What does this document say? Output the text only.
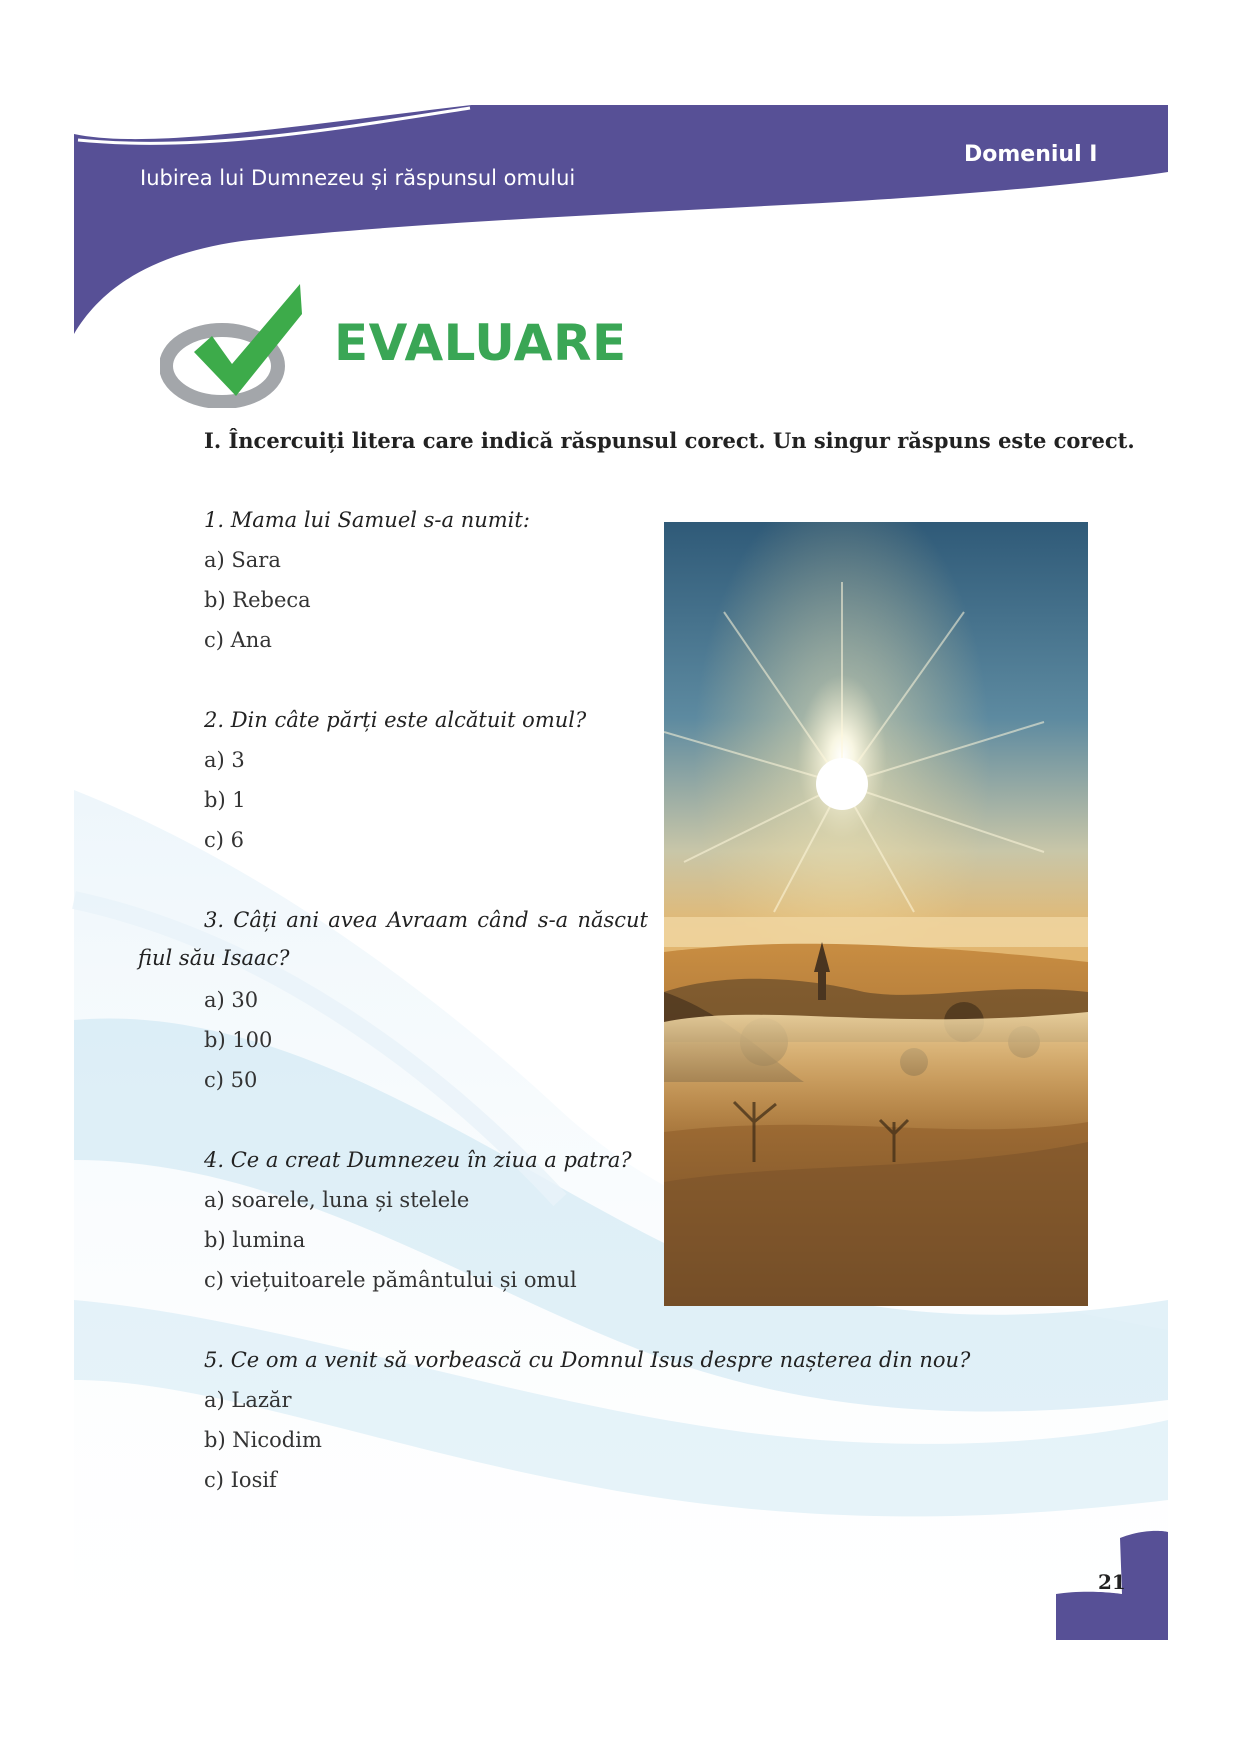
Iubirea lui Dumnezeu și răspunsul omului
Domeniul I
EVALUARE
I. Încercuiți litera care indică răspunsul corect. Un singur răspuns este corect.
1. Mama lui Samuel s-a numit:
a) Sara
b) Rebeca
c) Ana
2. Din câte părți este alcătuit omul?
a) 3
b) 1
c) 6
3. Câți ani avea Avraam când s-a născut
fiul său Isaac?
a) 30
b) 100
c) 50
4. Ce a creat Dumnezeu în ziua a patra?
a) soarele, luna și stelele
b) lumina
c) viețuitoarele pământului și omul
5. Ce om a venit să vorbească cu Domnul Isus despre nașterea din nou?
a) Lazăr
b) Nicodim
c) Iosif
21
